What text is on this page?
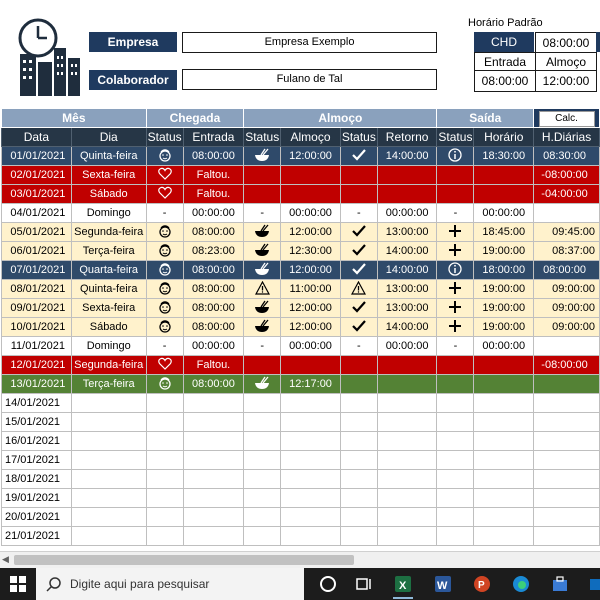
Empresa	Empresa Exemplo
Colaborador	Fulano de Tal
Horário Padrão
CHD	08:00:00
Entrada	Almoço
08:00:00	12:00:00
Mês		Chegada		Almoço				Saída		Calc.
Data	Dia	Status	Entrada	Status	Almoço	Status	Retorno	Status	Horário	H.Diárias
01/01/2021	Quinta-feira		08:00:00		12:00:00		14:00:00		18:30:00	08:30:00
02/01/2021	Sexta-feira		Faltou.							-08:00:00
03/01/2021	Sábado		Faltou.							-04:00:00
04/01/2021	Domingo	-	00:00:00	-	00:00:00	-	00:00:00	-	00:00:00	
05/01/2021	Segunda-feira		08:00:00		12:00:00		13:00:00		18:45:00	09:45:00
06/01/2021	Terça-feira		08:23:00		12:30:00		14:00:00		19:00:00	08:37:00
07/01/2021	Quarta-feira		08:00:00		12:00:00		14:00:00		18:00:00	08:00:00
08/01/2021	Quinta-feira		08:00:00		11:00:00		13:00:00		19:00:00	09:00:00
09/01/2021	Sexta-feira		08:00:00		12:00:00		13:00:00		19:00:00	09:00:00
10/01/2021	Sábado		08:00:00		12:00:00		14:00:00		19:00:00	09:00:00
11/01/2021	Domingo	-	00:00:00	-	00:00:00	-	00:00:00	-	00:00:00	
12/01/2021	Segunda-feira		Faltou.							-08:00:00
13/01/2021	Terça-feira		08:00:00		12:17:00					
14/01/2021										
15/01/2021										
16/01/2021										
17/01/2021										
18/01/2021										
19/01/2021										
20/01/2021										
21/01/2021										
◀
Digite aqui para pesquisar	X	W	P
